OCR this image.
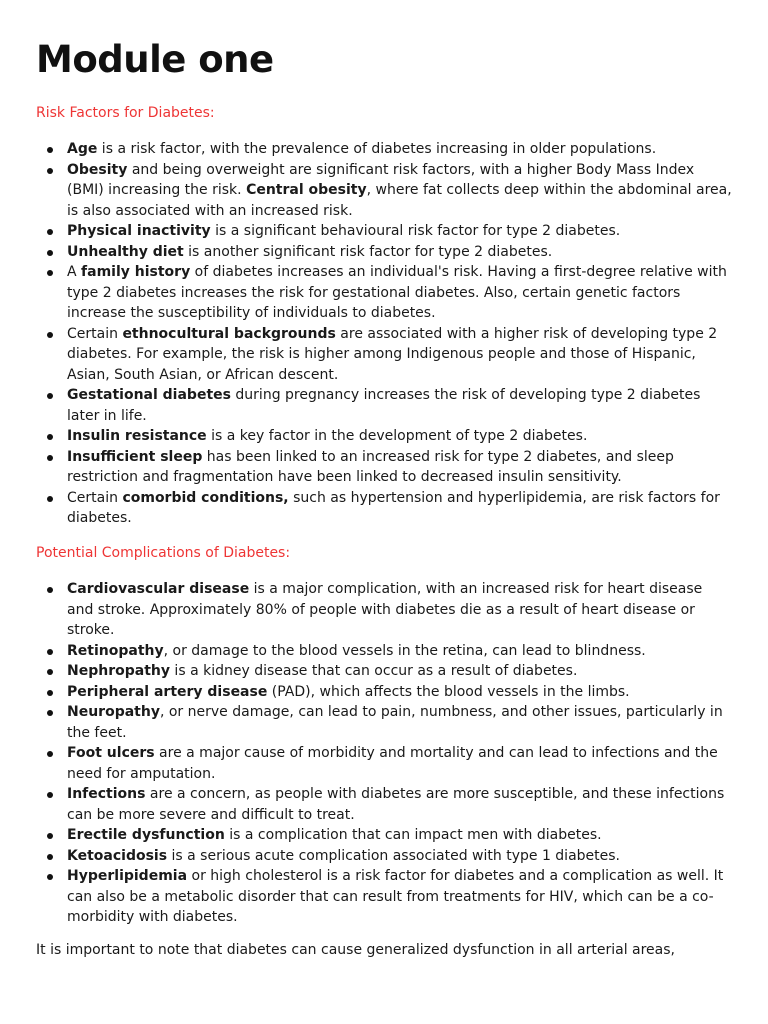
Module one

Risk Factors for Diabetes:

Age is a risk factor, with the prevalence of diabetes increasing in older populations.
Obesity and being overweight are significant risk factors, with a higher Body Mass Index (BMI) increasing the risk. Central obesity, where fat collects deep within the abdominal area, is also associated with an increased risk.
Physical inactivity is a significant behavioural risk factor for type 2 diabetes.
Unhealthy diet is another significant risk factor for type 2 diabetes.
A family history of diabetes increases an individual's risk. Having a first-degree relative with type 2 diabetes increases the risk for gestational diabetes. Also, certain genetic factors increase the susceptibility of individuals to diabetes.
Certain ethnocultural backgrounds are associated with a higher risk of developing type 2 diabetes. For example, the risk is higher among Indigenous people and those of Hispanic, Asian, South Asian, or African descent.
Gestational diabetes during pregnancy increases the risk of developing type 2 diabetes later in life.
Insulin resistance is a key factor in the development of type 2 diabetes.
Insufficient sleep has been linked to an increased risk for type 2 diabetes, and sleep restriction and fragmentation have been linked to decreased insulin sensitivity.
Certain comorbid conditions, such as hypertension and hyperlipidemia, are risk factors for diabetes.

Potential Complications of Diabetes:

Cardiovascular disease is a major complication, with an increased risk for heart disease and stroke. Approximately 80% of people with diabetes die as a result of heart disease or stroke.
Retinopathy, or damage to the blood vessels in the retina, can lead to blindness.
Nephropathy is a kidney disease that can occur as a result of diabetes.
Peripheral artery disease (PAD), which affects the blood vessels in the limbs.
Neuropathy, or nerve damage, can lead to pain, numbness, and other issues, particularly in the feet.
Foot ulcers are a major cause of morbidity and mortality and can lead to infections and the need for amputation.
Infections are a concern, as people with diabetes are more susceptible, and these infections can be more severe and difficult to treat.
Erectile dysfunction is a complication that can impact men with diabetes.
Ketoacidosis is a serious acute complication associated with type 1 diabetes.
Hyperlipidemia or high cholesterol is a risk factor for diabetes and a complication as well. It can also be a metabolic disorder that can result from treatments for HIV, which can be a co-morbidity with diabetes.

It is important to note that diabetes can cause generalized dysfunction in all arterial areas,
